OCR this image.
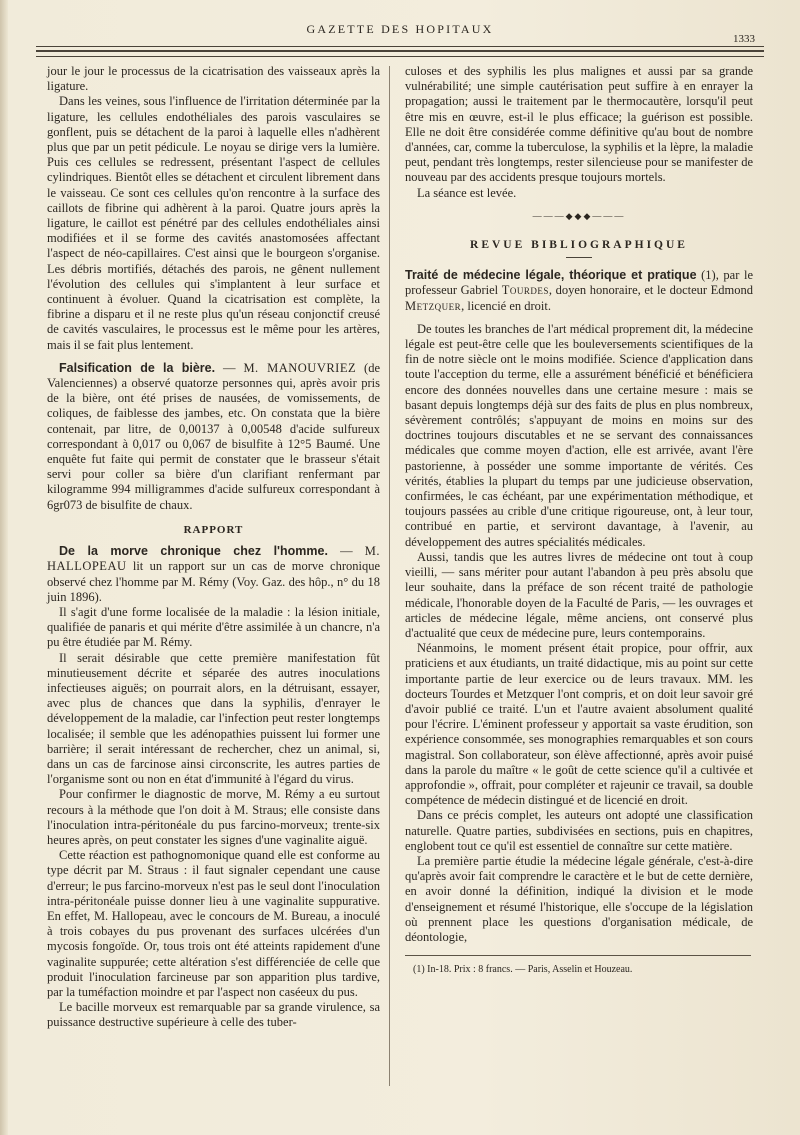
GAZETTE DES HOPITAUX
1333

jour le jour le processus de la cicatrisation des vaisseaux après la ligature.

Dans les veines, sous l'influence de l'irritation déterminée par la ligature, les cellules endothéliales des parois vasculaires se gonflent, puis se détachent de la paroi à laquelle elles n'adhèrent plus que par un petit pédicule. Le noyau se dirige vers la lumière. Puis ces cellules se redressent, présentant l'aspect de cellules cylindriques. Bientôt elles se détachent et circulent librement dans le vaisseau. Ce sont ces cellules qu'on rencontre à la surface des caillots de fibrine qui adhèrent à la paroi. Quatre jours après la ligature, le caillot est pénétré par des cellules endothéliales ainsi modifiées et il se forme des cavités anastomosées affectant l'aspect de néo-capillaires. C'est ainsi que le bourgeon s'organise. Les débris mortifiés, détachés des parois, ne gênent nullement l'évolution des cellules qui s'implantent à leur surface et continuent à évoluer. Quand la cicatrisation est complète, la fibrine a disparu et il ne reste plus qu'un réseau conjonctif creusé de cavités vasculaires, le processus est le même pour les artères, mais il se fait plus lentement.

Falsification de la bière. — M. MANOUVRIEZ (de Valenciennes) a observé quatorze personnes qui, après avoir pris de la bière, ont été prises de nausées, de vomissements, de coliques, de faiblesse des jambes, etc. On constata que la bière contenait, par litre, de 0,00137 à 0,00548 d'acide sulfureux correspondant à 0,017 ou 0,067 de bisulfite à 12°5 Baumé. Une enquête fut faite qui permit de constater que le brasseur s'était servi pour coller sa bière d'un clarifiant renfermant par kilogramme 994 milligrammes d'acide sulfureux correspondant à 6gr073 de bisulfite de chaux.

RAPPORT

De la morve chronique chez l'homme. — M. HALLOPEAU lit un rapport sur un cas de morve chronique observé chez l'homme par M. Rémy (Voy. Gaz. des hôp., n° du 18 juin 1896).

Il s'agit d'une forme localisée de la maladie : la lésion initiale, qualifiée de panaris et qui mérite d'être assimilée à un chancre, n'a pu être étudiée par M. Rémy.

Il serait désirable que cette première manifestation fût minutieusement décrite et séparée des autres inoculations infectieuses aiguës; on pourrait alors, en la détruisant, essayer, avec plus de chances que dans la syphilis, d'enrayer le développement de la maladie, car l'infection peut rester longtemps localisée; il semble que les adénopathies puissent lui former une barrière; il serait intéressant de rechercher, chez un animal, si, dans un cas de farcinose ainsi circonscrite, les autres parties de l'organisme sont ou non en état d'immunité à l'égard du virus.

Pour confirmer le diagnostic de morve, M. Rémy a eu surtout recours à la méthode que l'on doit à M. Straus; elle consiste dans l'inoculation intra-péritonéale du pus farcino-morveux; trente-six heures après, on peut constater les signes d'une vaginalite aiguë.

Cette réaction est pathognomonique quand elle est conforme au type décrit par M. Straus : il faut signaler cependant une cause d'erreur; le pus farcino-morveux n'est pas le seul dont l'inoculation intra-péritonéale puisse donner lieu à une vaginalite suppurative. En effet, M. Hallopeau, avec le concours de M. Bureau, a inoculé à trois cobayes du pus provenant des surfaces ulcérées d'un mycosis fongoïde. Or, tous trois ont été atteints rapidement d'une vaginalite suppurée; cette altération s'est différenciée de celle que produit l'inoculation farcineuse par son apparition plus tardive, par la tuméfaction moindre et par l'aspect non caséeux du pus.

Le bacille morveux est remarquable par sa grande virulence, sa puissance destructive supérieure à celle des tuber-

culoses et des syphilis les plus malignes et aussi par sa grande vulnérabilité; une simple cautérisation peut suffire à en enrayer la propagation; aussi le traitement par le thermocautère, lorsqu'il peut être mis en œuvre, est-il le plus efficace; la guérison est possible. Elle ne doit être considérée comme définitive qu'au bout de nombre d'années, car, comme la tuberculose, la syphilis et la lèpre, la maladie peut, pendant très longtemps, rester silencieuse pour se manifester de nouveau par des accidents presque toujours mortels.

La séance est levée.

———◆◆◆———
REVUE BIBLIOGRAPHIQUE

Traité de médecine légale, théorique et pratique (1), par le professeur Gabriel Tourdes, doyen honoraire, et le docteur Edmond Metzquer, licencié en droit.

De toutes les branches de l'art médical proprement dit, la médecine légale est peut-être celle que les bouleversements scientifiques de la fin de notre siècle ont le moins modifiée. Science d'application dans toute l'acception du terme, elle a assurément bénéficié et bénéficiera encore des données nouvelles dans une certaine mesure : mais se basant depuis longtemps déjà sur des faits de plus en plus nombreux, sévèrement contrôlés; s'appuyant de moins en moins sur des doctrines toujours discutables et ne se servant des connaissances médicales que comme moyen d'action, elle est arrivée, avant l'ère pastorienne, à posséder une somme importante de vérités. Ces vérités, établies la plupart du temps par une judicieuse observation, confirmées, le cas échéant, par une expérimentation méthodique, et toujours passées au crible d'une critique rigoureuse, ont, à leur tour, contribué en partie, et serviront davantage, à l'avenir, au développement des autres spécialités médicales.

Aussi, tandis que les autres livres de médecine ont tout à coup vieilli, — sans mériter pour autant l'abandon à peu près absolu que leur souhaite, dans la préface de son récent traité de pathologie médicale, l'honorable doyen de la Faculté de Paris, — les ouvrages et articles de médecine légale, même anciens, ont conservé plus d'actualité que ceux de médecine pure, leurs contemporains.

Néanmoins, le moment présent était propice, pour offrir, aux praticiens et aux étudiants, un traité didactique, mis au point sur cette importante partie de leur exercice ou de leurs travaux. MM. les docteurs Tourdes et Metzquer l'ont compris, et on doit leur savoir gré d'avoir publié ce traité. L'un et l'autre avaient absolument qualité pour l'écrire. L'éminent professeur y apportait sa vaste érudition, son expérience consommée, ses monographies remarquables et son cours magistral. Son collaborateur, son élève affectionné, après avoir puisé dans la parole du maître « le goût de cette science qu'il a cultivée et approfondie », offrait, pour compléter et rajeunir ce travail, sa double compétence de médecin distingué et de licencié en droit.

Dans ce précis complet, les auteurs ont adopté une classification naturelle. Quatre parties, subdivisées en sections, puis en chapitres, englobent tout ce qu'il est essentiel de connaître sur cette matière.

La première partie étudie la médecine légale générale, c'est-à-dire qu'après avoir fait comprendre le caractère et le but de cette dernière, en avoir donné la définition, indiqué la division et le mode d'enseignement et résumé l'historique, elle s'occupe de la législation où prennent place les questions d'organisation médicale, de déontologie,

(1) In-18. Prix : 8 francs. — Paris, Asselin et Houzeau.
